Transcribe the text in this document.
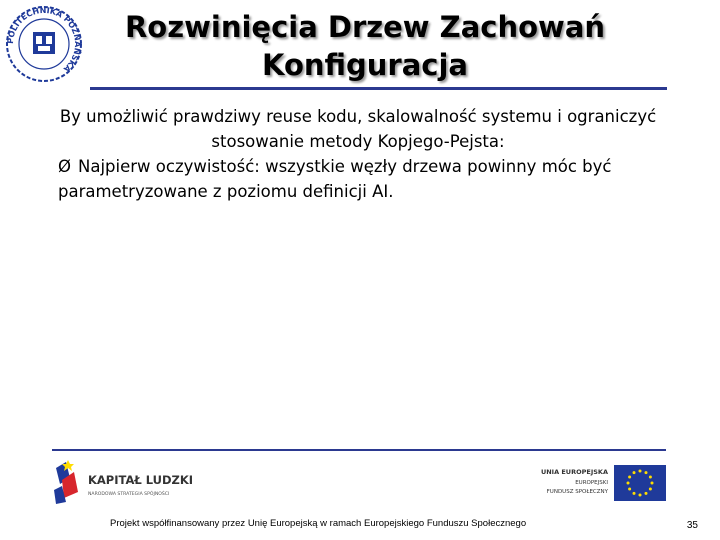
POLITECHNIKA POZNAŃSKA
Rozwinięcia Drzew Zachowań
Konfiguracja

By umożliwić prawdziwy reuse kodu, skalowalność systemu i ograniczyć stosowanie metody Kopjego-Pejsta:

Ø Najpierw oczywistość: wszystkie węzły drzewa powinny móc być parametryzowane z poziomu definicji AI.

KAPITAŁ LUDZKI
NARODOWA STRATEGIA SPÓJNOŚCI
UNIA EUROPEJSKA
EUROPEJSKI
FUNDUSZ SPOŁECZNY
Projekt współfinansowany przez Unię Europejską w ramach Europejskiego Funduszu Społecznego	35
